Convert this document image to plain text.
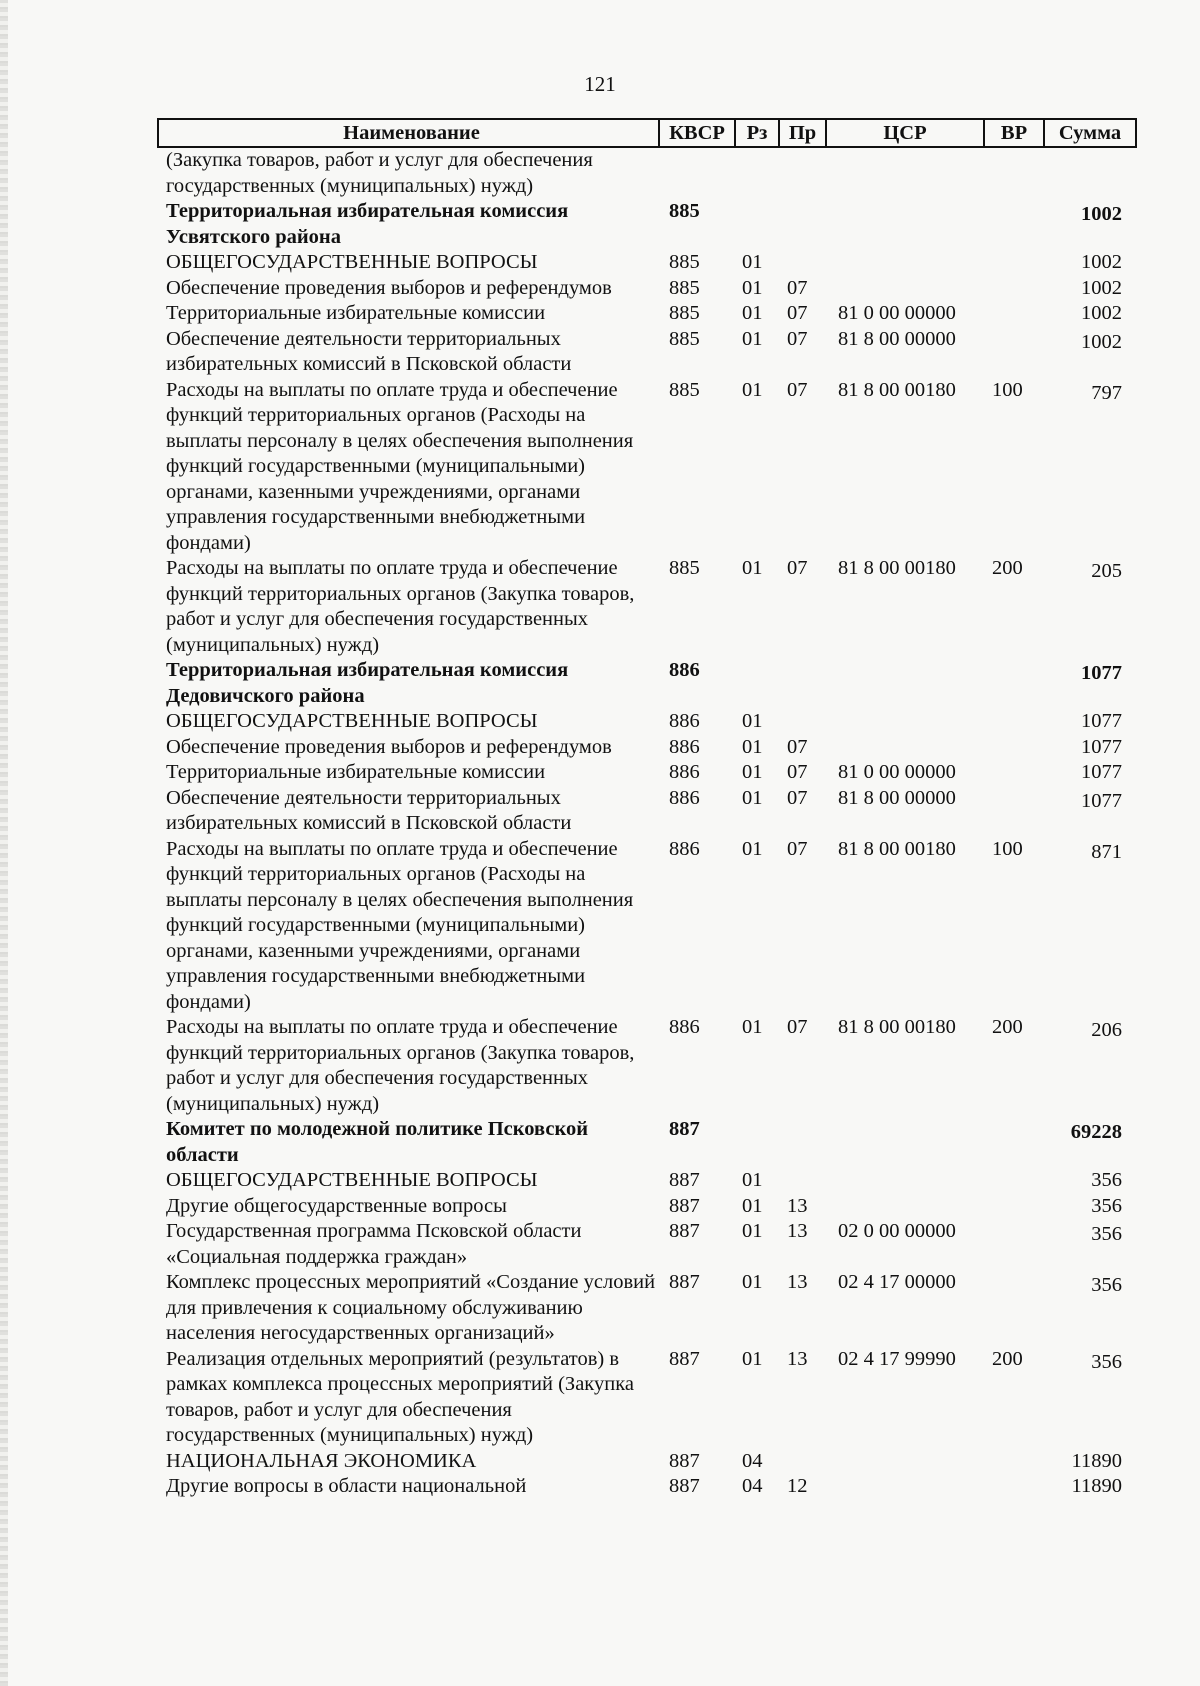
121
Наименование	КВСР	Рз	Пр	ЦСР	ВР	Сумма
(Закупка товаров, работ и услуг для обеспечения государственных (муниципальных) нужд)						
Территориальная избирательная комиссия Усвятского района	885					1002
ОБЩЕГОСУДАРСТВЕННЫЕ ВОПРОСЫ	885	01				1002
Обеспечение проведения выборов и референдумов	885	01	07			1002
Территориальные избирательные комиссии	885	01	07	81 0 00 00000		1002
Обеспечение деятельности территориальных избирательных комиссий в Псковской области	885	01	07	81 8 00 00000		1002
Расходы на выплаты по оплате труда и обеспечение функций территориальных органов (Расходы на выплаты персоналу в целях обеспечения выполнения функций государственными (муниципальными) органами, казенными учреждениями, органами управления государственными внебюджетными фондами)	885	01	07	81 8 00 00180	100	797
Расходы на выплаты по оплате труда и обеспечение функций территориальных органов (Закупка товаров, работ и услуг для обеспечения государственных (муниципальных) нужд)	885	01	07	81 8 00 00180	200	205
Территориальная избирательная комиссия Дедовичского района	886					1077
ОБЩЕГОСУДАРСТВЕННЫЕ ВОПРОСЫ	886	01				1077
Обеспечение проведения выборов и референдумов	886	01	07			1077
Территориальные избирательные комиссии	886	01	07	81 0 00 00000		1077
Обеспечение деятельности территориальных избирательных комиссий в Псковской области	886	01	07	81 8 00 00000		1077
Расходы на выплаты по оплате труда и обеспечение функций территориальных органов (Расходы на выплаты персоналу в целях обеспечения выполнения функций государственными (муниципальными) органами, казенными учреждениями, органами управления государственными внебюджетными фондами)	886	01	07	81 8 00 00180	100	871
Расходы на выплаты по оплате труда и обеспечение функций территориальных органов (Закупка товаров, работ и услуг для обеспечения государственных (муниципальных) нужд)	886	01	07	81 8 00 00180	200	206
Комитет по молодежной политике Псковской области	887					69228
ОБЩЕГОСУДАРСТВЕННЫЕ ВОПРОСЫ	887	01				356
Другие общегосударственные вопросы	887	01	13			356
Государственная программа Псковской области «Социальная поддержка граждан»	887	01	13	02 0 00 00000		356
Комплекс процессных мероприятий «Создание условий для привлечения к социальному обслуживанию населения негосударственных организаций»	887	01	13	02 4 17 00000		356
Реализация отдельных мероприятий (результатов) в рамках комплекса процессных мероприятий (Закупка товаров, работ и услуг для обеспечения государственных (муниципальных) нужд)	887	01	13	02 4 17 99990	200	356
НАЦИОНАЛЬНАЯ ЭКОНОМИКА	887	04				11890
Другие вопросы в области национальной	887	04	12			11890
